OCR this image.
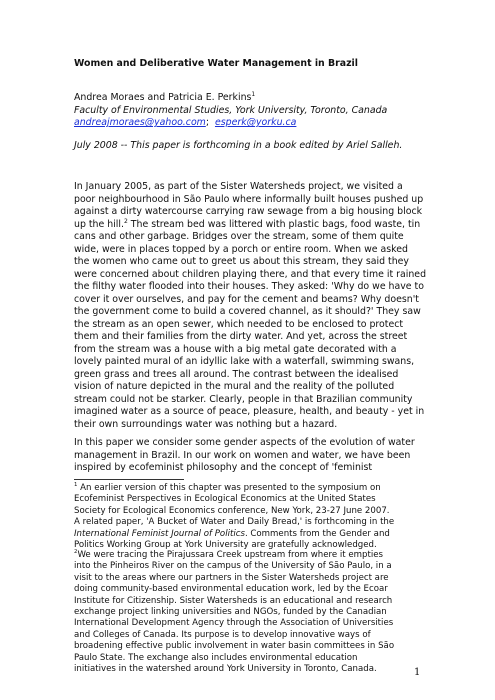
Women and Deliberative Water Management in Brazil
Andrea Moraes and Patricia E. Perkins$^1$
Faculty of Environmental Studies, York University, Toronto, Canada
andreajmoraes@yahoo.com; esperk@yorku.ca
July 2008 -- This paper is forthcoming in a book edited by Ariel Salleh.
In January 2005, as part of the Sister Watersheds project, we visited a
poor neighbourhood in São Paulo where informally built houses pushed up
against a dirty watercourse carrying raw sewage from a big housing block
up the hill.$^2$ The stream bed was littered with plastic bags, food waste, tin
cans and other garbage. Bridges over the stream, some of them quite
wide, were in places topped by a porch or entire room. When we asked
the women who came out to greet us about this stream, they said they
were concerned about children playing there, and that every time it rained
the filthy water flooded into their houses. They asked: 'Why do we have to
cover it over ourselves, and pay for the cement and beams? Why doesn't
the government come to build a covered channel, as it should?' They saw
the stream as an open sewer, which needed to be enclosed to protect
them and their families from the dirty water. And yet, across the street
from the stream was a house with a big metal gate decorated with a
lovely painted mural of an idyllic lake with a waterfall, swimming swans,
green grass and trees all around. The contrast between the idealised
vision of nature depicted in the mural and the reality of the polluted
stream could not be starker. Clearly, people in that Brazilian community
imagined water as a source of peace, pleasure, health, and beauty - yet in
their own surroundings water was nothing but a hazard.
In this paper we consider some gender aspects of the evolution of water
management in Brazil. In our work on women and water, we have been
inspired by ecofeminist philosophy and the concept of 'feminist
$^1$ An earlier version of this chapter was presented to the symposium on
Ecofeminist Perspectives in Ecological Economics at the United States
Society for Ecological Economics conference, New York, 23-27 June 2007.
A related paper, 'A Bucket of Water and Daily Bread,' is forthcoming in the
International Feminist Journal of Politics. Comments from the Gender and
Politics Working Group at York University are gratefully acknowledged.
$^2$We were tracing the Pirajussara Creek upstream from where it empties
into the Pinheiros River on the campus of the University of São Paulo, in a
visit to the areas where our partners in the Sister Watersheds project are
doing community-based environmental education work, led by the Ecoar
Institute for Citizenship. Sister Watersheds is an educational and research
exchange project linking universities and NGOs, funded by the Canadian
International Development Agency through the Association of Universities
and Colleges of Canada. Its purpose is to develop innovative ways of
broadening effective public involvement in water basin committees in São
Paulo State. The exchange also includes environmental education
initiatives in the watershed around York University in Toronto, Canada.	1
